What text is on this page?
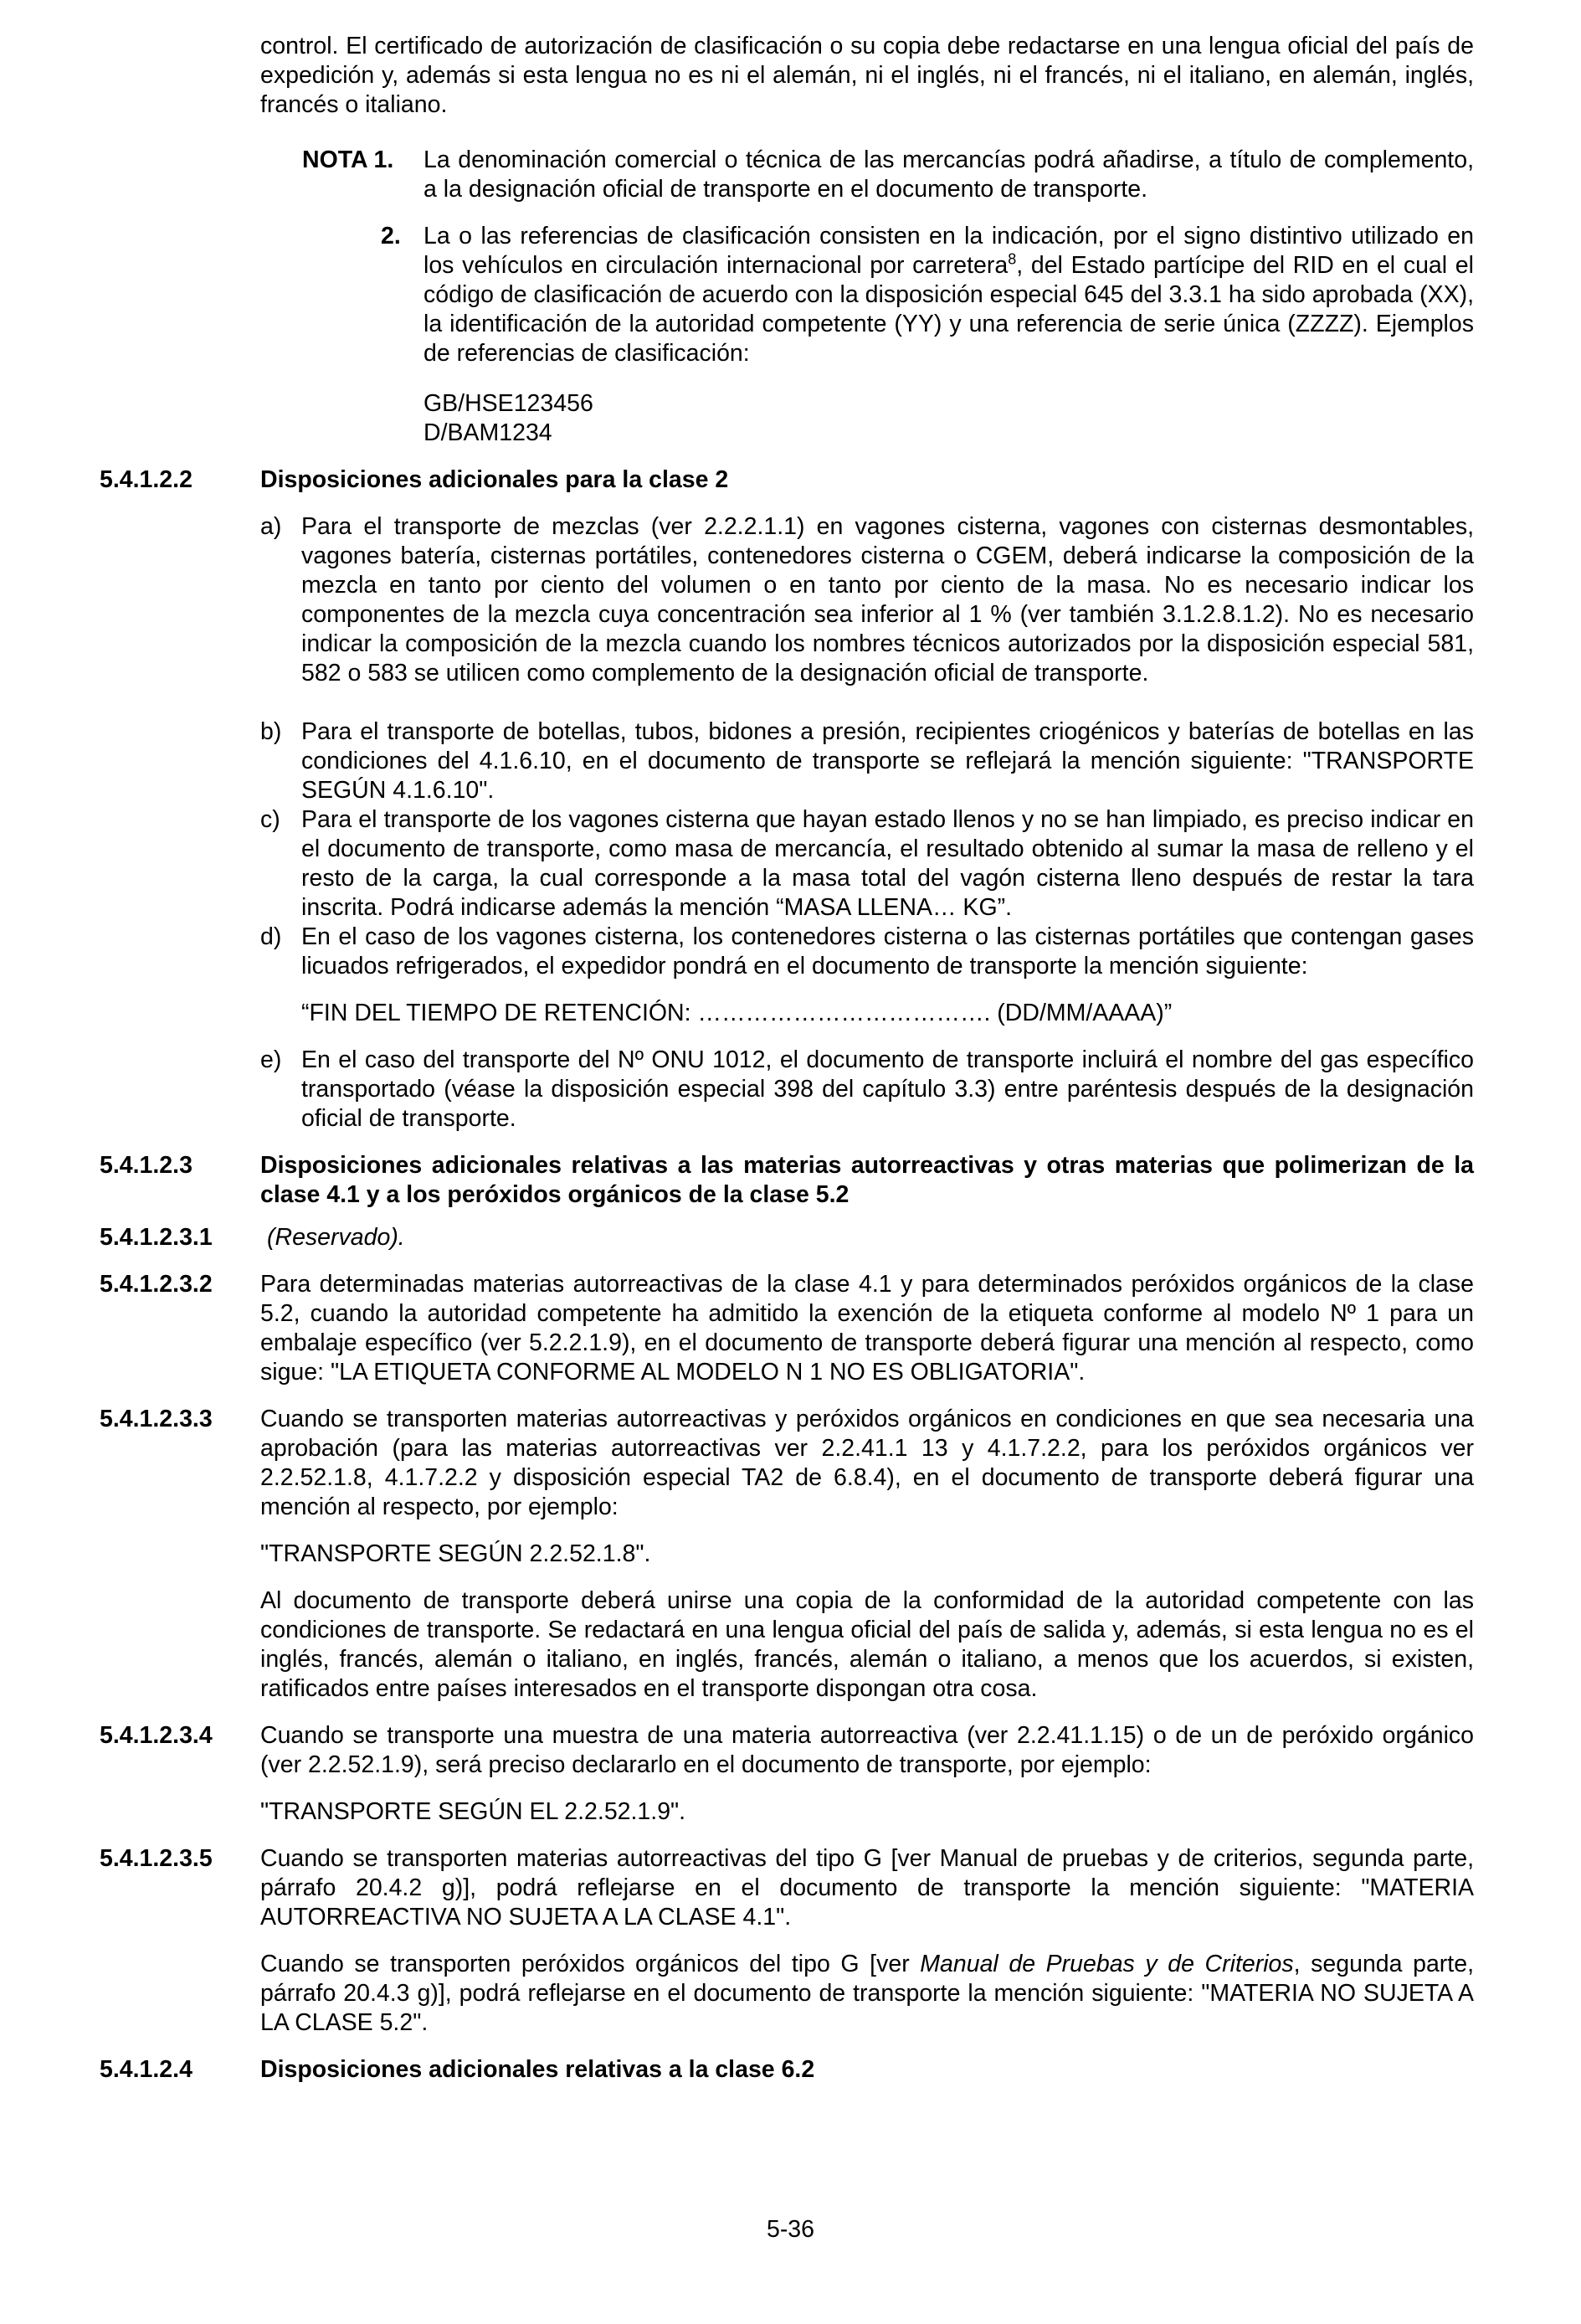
control. El certificado de autorización de clasificación o su copia debe redactarse en una lengua oficial del país de expedición y, además si esta lengua no es ni el alemán, ni el inglés, ni el francés, ni el italiano, en alemán, inglés, francés o italiano.

NOTA 1. La denominación comercial o técnica de las mercancías podrá añadirse, a título de complemento, a la designación oficial de transporte en el documento de transporte.
2. La o las referencias de clasificación consisten en la indicación, por el signo distintivo utilizado en los vehículos en circulación internacional por carretera$^8$, del Estado partícipe del RID en el cual el código de clasificación de acuerdo con la disposición especial 645 del 3.3.1 ha sido aprobada (XX), la identificación de la autoridad competente (YY) y una referencia de serie única (ZZZZ). Ejemplos de referencias de clasificación:
GB/HSE123456
D/BAM1234
5.4.1.2.2	Disposiciones adicionales para la clase 2
a) Para el transporte de mezclas (ver 2.2.2.1.1) en vagones cisterna, vagones con cisternas desmontables, vagones batería, cisternas portátiles, contenedores cisterna o CGEM, deberá indicarse la composición de la mezcla en tanto por ciento del volumen o en tanto por ciento de la masa. No es necesario indicar los componentes de la mezcla cuya concentración sea inferior al 1 % (ver también 3.1.2.8.1.2). No es necesario indicar la composición de la mezcla cuando los nombres técnicos autorizados por la disposición especial 581, 582 o 583 se utilicen como complemento de la designación oficial de transporte.
b) Para el transporte de botellas, tubos, bidones a presión, recipientes criogénicos y baterías de botellas en las condiciones del 4.1.6.10, en el documento de transporte se reflejará la mención siguiente: "TRANSPORTE SEGÚN 4.1.6.10".
c) Para el transporte de los vagones cisterna que hayan estado llenos y no se han limpiado, es preciso indicar en el documento de transporte, como masa de mercancía, el resultado obtenido al sumar la masa de relleno y el resto de la carga, la cual corresponde a la masa total del vagón cisterna lleno después de restar la tara inscrita. Podrá indicarse además la mención “MASA LLENA… KG”.
d) En el caso de los vagones cisterna, los contenedores cisterna o las cisternas portátiles que contengan gases licuados refrigerados, el expedidor pondrá en el documento de transporte la mención siguiente:
“FIN DEL TIEMPO DE RETENCIÓN: ………………………………. (DD/MM/AAAA)”
e) En el caso del transporte del Nº ONU 1012, el documento de transporte incluirá el nombre del gas específico transportado (véase la disposición especial 398 del capítulo 3.3) entre paréntesis después de la designación oficial de transporte.
5.4.1.2.3	Disposiciones adicionales relativas a las materias autorreactivas y otras materias que polimerizan de la clase 4.1 y a los peróxidos orgánicos de la clase 5.2
5.4.1.2.3.1 (Reservado).
5.4.1.2.3.2 Para determinadas materias autorreactivas de la clase 4.1 y para determinados peróxidos orgánicos de la clase 5.2, cuando la autoridad competente ha admitido la exención de la etiqueta conforme al modelo Nº 1 para un embalaje específico (ver 5.2.2.1.9), en el documento de transporte deberá figurar una mención al respecto, como sigue: "LA ETIQUETA CONFORME AL MODELO N 1 NO ES OBLIGATORIA".
5.4.1.2.3.3 Cuando se transporten materias autorreactivas y peróxidos orgánicos en condiciones en que sea necesaria una aprobación (para las materias autorreactivas ver 2.2.41.1 13 y 4.1.7.2.2, para los peróxidos orgánicos ver 2.2.52.1.8, 4.1.7.2.2 y disposición especial TA2 de 6.8.4), en el documento de transporte deberá figurar una mención al respecto, por ejemplo:
"TRANSPORTE SEGÚN 2.2.52.1.8".
Al documento de transporte deberá unirse una copia de la conformidad de la autoridad competente con las condiciones de transporte. Se redactará en una lengua oficial del país de salida y, además, si esta lengua no es el inglés, francés, alemán o italiano, en inglés, francés, alemán o italiano, a menos que los acuerdos, si existen, ratificados entre países interesados en el transporte dispongan otra cosa.
5.4.1.2.3.4 Cuando se transporte una muestra de una materia autorreactiva (ver 2.2.41.1.15) o de un de peróxido orgánico (ver 2.2.52.1.9), será preciso declararlo en el documento de transporte, por ejemplo:
"TRANSPORTE SEGÚN EL 2.2.52.1.9".
5.4.1.2.3.5 Cuando se transporten materias autorreactivas del tipo G [ver Manual de pruebas y de criterios, segunda parte, párrafo 20.4.2 g)], podrá reflejarse en el documento de transporte la mención siguiente: "MATERIA AUTORREACTIVA NO SUJETA A LA CLASE 4.1".
Cuando se transporten peróxidos orgánicos del tipo G [ver Manual de Pruebas y de Criterios, segunda parte, párrafo 20.4.3 g)], podrá reflejarse en el documento de transporte la mención siguiente: "MATERIA NO SUJETA A LA CLASE 5.2".
5.4.1.2.4	Disposiciones adicionales relativas a la clase 6.2
5-36
